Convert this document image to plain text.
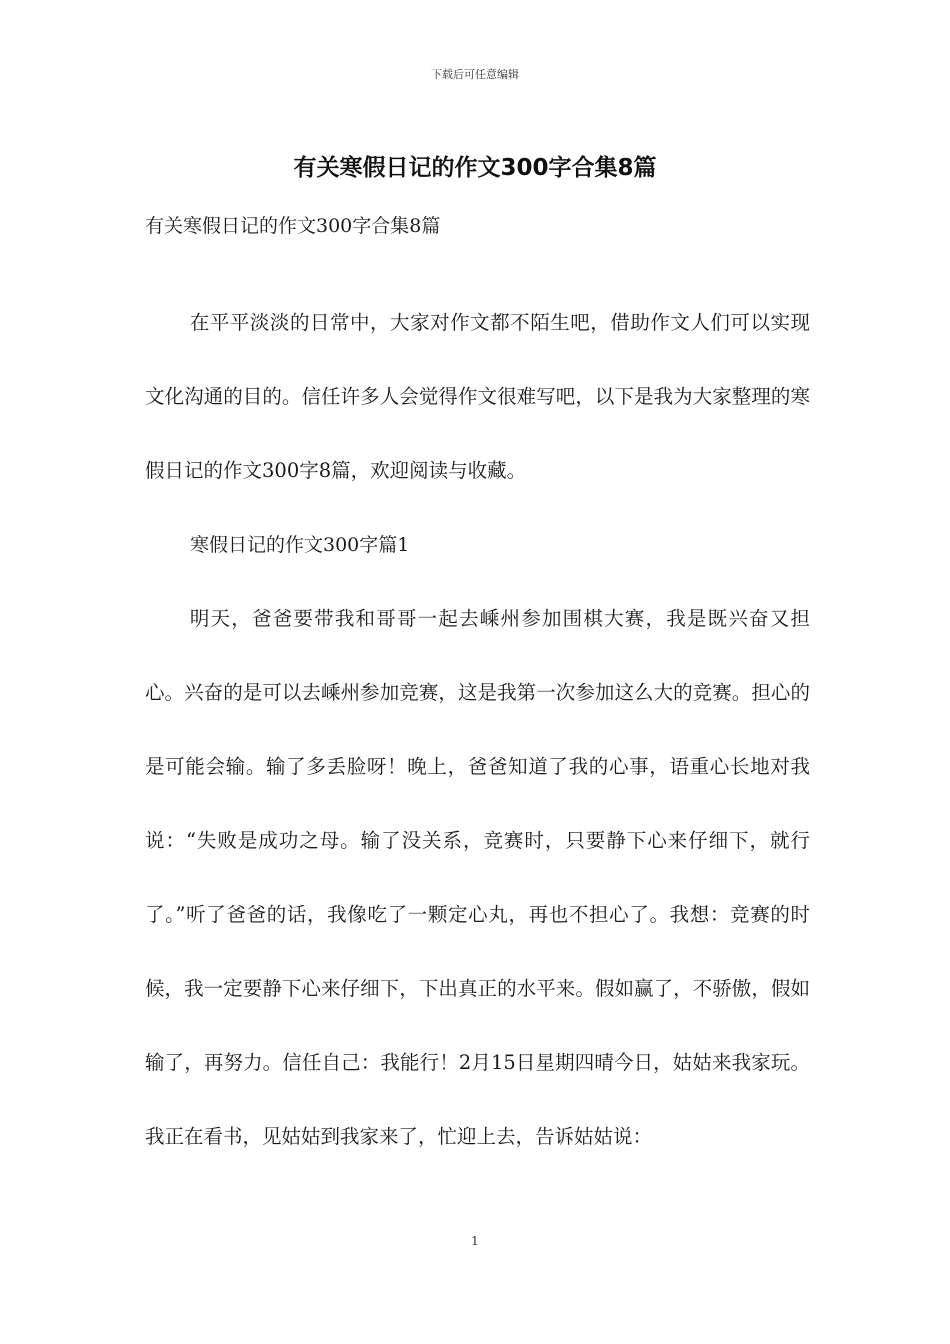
下载后可任意编辑
有关寒假日记的作文300字合集8篇
有关寒假日记的作文300字合集8篇

在平平淡淡的日常中，大家对作文都不陌生吧，借助作文人们可以实现文化沟通的目的。信任许多人会觉得作文很难写吧，以下是我为大家整理的寒假日记的作文300字8篇，欢迎阅读与收藏。

寒假日记的作文300字篇1

明天，爸爸要带我和哥哥一起去嵊州参加围棋大赛，我是既兴奋又担心。兴奋的是可以去嵊州参加竞赛，这是我第一次参加这么大的竞赛。担心的是可能会输。输了多丢脸呀！晚上，爸爸知道了我的心事，语重心长地对我说：“失败是成功之母。输了没关系，竞赛时，只要静下心来仔细下，就行了。”听了爸爸的话，我像吃了一颗定心丸，再也不担心了。我想：竞赛的时候，我一定要静下心来仔细下，下出真正的水平来。假如赢了，不骄傲，假如输了，再努力。信任自己：我能行！2月15日星期四晴今日，姑姑来我家玩。我正在看书，见姑姑到我家来了，忙迎上去，告诉姑姑说：

1
